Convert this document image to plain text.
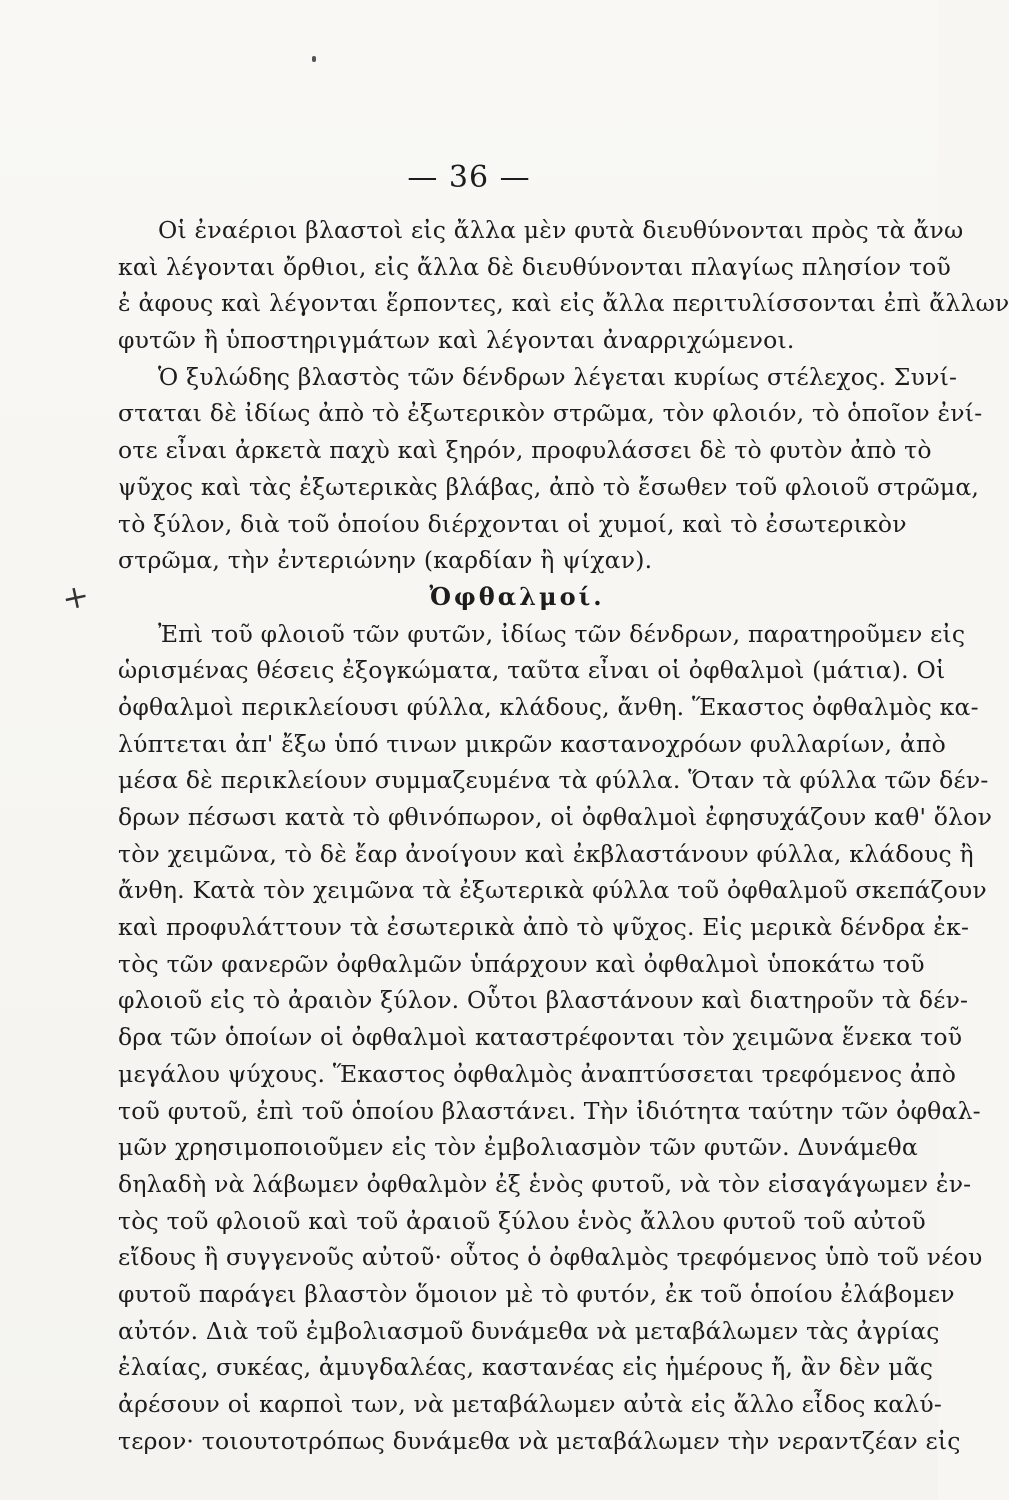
— 36 —
+
Οἱ ἐναέριοι βλαστοὶ εἰς ἄλλα μὲν φυτὰ διευθύνονται πρὸς τὰ ἄνω
καὶ λέγονται ὄρθιοι, εἰς ἄλλα δὲ διευθύνονται πλαγίως πλησίον τοῦ
ἐ ἀφους καὶ λέγονται ἕρποντες, καὶ εἰς ἄλλα περιτυλίσσονται ἐπὶ ἄλλων
φυτῶν ἢ ὑποστηριγμάτων καὶ λέγονται ἀναρριχώμενοι.
Ὁ ξυλώδης βλαστὸς τῶν δένδρων λέγεται κυρίως στέλεχος. Συνί-
σταται δὲ ἰδίως ἀπὸ τὸ ἐξωτερικὸν στρῶμα, τὸν φλοιόν, τὸ ὁποῖον ἐνί-
οτε εἶναι ἀρκετὰ παχὺ καὶ ξηρόν, προφυλάσσει δὲ τὸ φυτὸν ἀπὸ τὸ
ψῦχος καὶ τὰς ἐξωτερικὰς βλάβας, ἀπὸ τὸ ἔσωθεν τοῦ φλοιοῦ στρῶμα,
τὸ ξύλον, διὰ τοῦ ὁποίου διέρχονται οἱ χυμοί, καὶ τὸ ἐσωτερικὸν
στρῶμα, τὴν ἐντεριώνην (καρδίαν ἢ ψίχαν).
Ὀφθαλμοί.
Ἐπὶ τοῦ φλοιοῦ τῶν φυτῶν, ἰδίως τῶν δένδρων, παρατηροῦμεν εἰς
ὡρισμένας θέσεις ἐξογκώματα, ταῦτα εἶναι οἱ ὀφθαλμοὶ (μάτια). Οἱ
ὀφθαλμοὶ περικλείουσι φύλλα, κλάδους, ἄνθη. Ἕκαστος ὀφθαλμὸς κα-
λύπτεται ἀπ' ἔξω ὑπό τινων μικρῶν καστανοχρόων φυλλαρίων, ἀπὸ
μέσα δὲ περικλείουν συμμαζευμένα τὰ φύλλα. Ὅταν τὰ φύλλα τῶν δέν-
δρων πέσωσι κατὰ τὸ φθινόπωρον, οἱ ὀφθαλμοὶ ἐφησυχάζουν καθ' ὅλον
τὸν χειμῶνα, τὸ δὲ ἔαρ ἀνοίγουν καὶ ἐκβλαστάνουν φύλλα, κλάδους ἢ
ἄνθη. Κατὰ τὸν χειμῶνα τὰ ἐξωτερικὰ φύλλα τοῦ ὀφθαλμοῦ σκεπάζουν
καὶ προφυλάττουν τὰ ἐσωτερικὰ ἀπὸ τὸ ψῦχος. Εἰς μερικὰ δένδρα ἐκ-
τὸς τῶν φανερῶν ὀφθαλμῶν ὑπάρχουν καὶ ὀφθαλμοὶ ὑποκάτω τοῦ
φλοιοῦ εἰς τὸ ἀραιὸν ξύλον. Οὗτοι βλαστάνουν καὶ διατηροῦν τὰ δέν-
δρα τῶν ὁποίων οἱ ὀφθαλμοὶ καταστρέφονται τὸν χειμῶνα ἕνεκα τοῦ
μεγάλου ψύχους. Ἕκαστος ὀφθαλμὸς ἀναπτύσσεται τρεφόμενος ἀπὸ
τοῦ φυτοῦ, ἐπὶ τοῦ ὁποίου βλαστάνει. Τὴν ἰδιότητα ταύτην τῶν ὀφθαλ-
μῶν χρησιμοποιοῦμεν εἰς τὸν ἐμβολιασμὸν τῶν φυτῶν. Δυνάμεθα
δηλαδὴ νὰ λάβωμεν ὀφθαλμὸν ἐξ ἑνὸς φυτοῦ, νὰ τὸν εἰσαγάγωμεν ἐν-
τὸς τοῦ φλοιοῦ καὶ τοῦ ἀραιοῦ ξύλου ἑνὸς ἄλλου φυτοῦ τοῦ αὐτοῦ
εἴδους ἢ συγγενοῦς αὐτοῦ· οὗτος ὁ ὀφθαλμὸς τρεφόμενος ὑπὸ τοῦ νέου
φυτοῦ παράγει βλαστὸν ὅμοιον μὲ τὸ φυτόν, ἐκ τοῦ ὁποίου ἐλάβομεν
αὐτόν. Διὰ τοῦ ἐμβολιασμοῦ δυνάμεθα νὰ μεταβάλωμεν τὰς ἀγρίας
ἐλαίας, συκέας, ἀμυγδαλέας, καστανέας εἰς ἡμέρους ἤ, ἂν δὲν μᾶς
ἀρέσουν οἱ καρποὶ των, νὰ μεταβάλωμεν αὐτὰ εἰς ἄλλο εἶδος καλύ-
τερον· τοιουτοτρόπως δυνάμεθα νὰ μεταβάλωμεν τὴν νεραντζέαν εἰς
